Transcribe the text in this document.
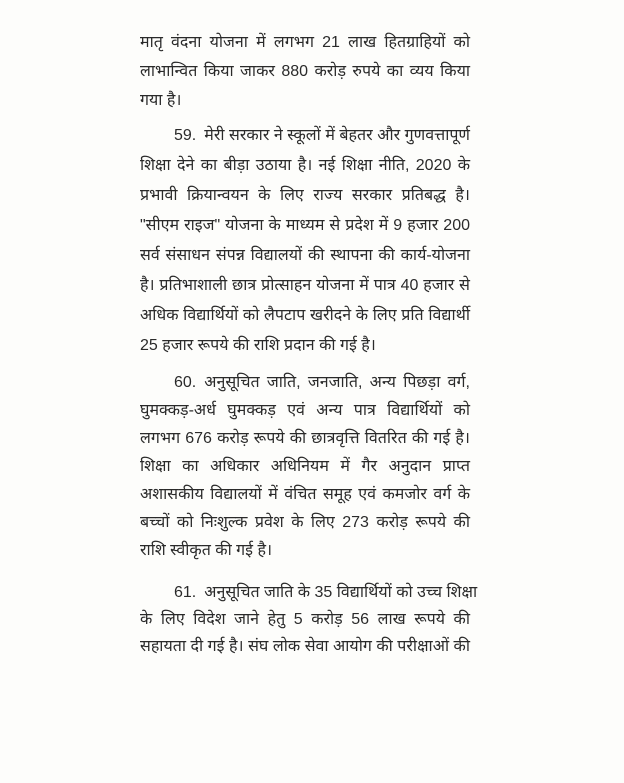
मातृ वंदना योजना में लगभग 21 लाख हितग्राहियों को
लाभान्वित किया जाकर 880 करोड़ रुपये का व्यय किया
गया है।
59. मेरी सरकार ने स्कूलों में बेहतर और गुणवत्तापूर्ण
शिक्षा देने का बीड़ा उठाया है। नई शिक्षा नीति, 2020 के
प्रभावी क्रियान्वयन के लिए राज्य सरकार प्रतिबद्ध है।
"सीएम राइज" योजना के माध्यम से प्रदेश में 9 हजार 200
सर्व संसाधन संपन्न विद्यालयों की स्थापना की कार्य-योजना
है। प्रतिभाशाली छात्र प्रोत्साहन योजना में पात्र 40 हजार से
अधिक विद्यार्थियों को लैपटाप खरीदने के लिए प्रति विद्यार्थी
25 हजार रूपये की राशि प्रदान की गई है।
60. अनुसूचित जाति, जनजाति, अन्य पिछड़ा वर्ग,
घुमक्कड़-अर्ध घुमक्कड़ एवं अन्य पात्र विद्यार्थियों को
लगभग 676 करोड़ रूपये की छात्रवृत्ति वितरित की गई है।
शिक्षा का अधिकार अधिनियम में गैर अनुदान प्राप्त
अशासकीय विद्यालयों में वंचित समूह एवं कमजोर वर्ग के
बच्चों को निःशुल्क प्रवेश के लिए 273 करोड़ रूपये की
राशि स्वीकृत की गई है।
61. अनुसूचित जाति के 35 विद्यार्थियों को उच्च शिक्षा
के लिए विदेश जाने हेतु 5 करोड़ 56 लाख रूपये की
सहायता दी गई है। संघ लोक सेवा आयोग की परीक्षाओं की
